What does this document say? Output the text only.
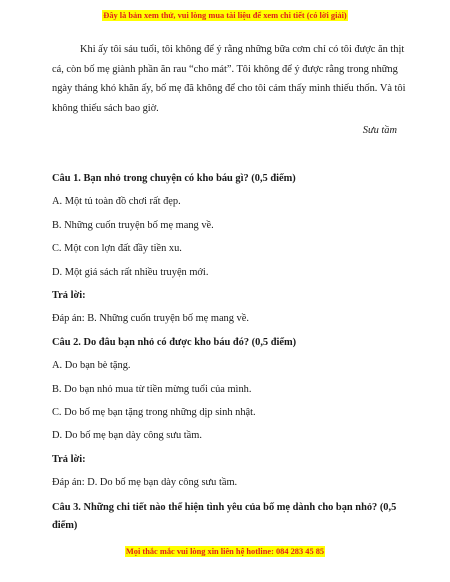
Đây là bản xem thử, vui lòng mua tài liệu để xem chi tiết (có lời giải)

Khi ấy tôi sáu tuổi, tôi không để ý rằng những bữa cơm chỉ có tôi được ăn thịt cá, còn bố mẹ giành phần ăn rau “cho mát”. Tôi không để ý được rằng trong những ngày tháng khó khăn ấy, bố mẹ đã không để cho tôi cảm thấy mình thiếu thốn. Và tôi không thiếu sách bao giờ.

Sưu tầm

Câu 1. Bạn nhỏ trong chuyện có kho báu gì? (0,5 điểm)

A. Một tủ toàn đồ chơi rất đẹp.

B. Những cuốn truyện bố mẹ mang về.

C. Một con lợn đất đầy tiền xu.

D. Một giá sách rất nhiều truyện mới.

Trả lời:

Đáp án: B. Những cuốn truyện bố mẹ mang về.

Câu 2. Do đâu bạn nhỏ có được kho báu đó? (0,5 điểm)

A. Do bạn bè tặng.

B. Do bạn nhỏ mua từ tiền mừng tuổi của mình.

C. Do bố mẹ bạn tặng trong những dịp sinh nhật.

D. Do bố mẹ bạn dày công sưu tầm.

Trả lời:

Đáp án: D. Do bố mẹ bạn dày công sưu tầm.

Câu 3. Những chi tiết nào thể hiện tình yêu của bố mẹ dành cho bạn nhỏ? (0,5 điểm)

Mọi thắc mắc vui lòng xin liên hệ hotline: 084 283 45 85
